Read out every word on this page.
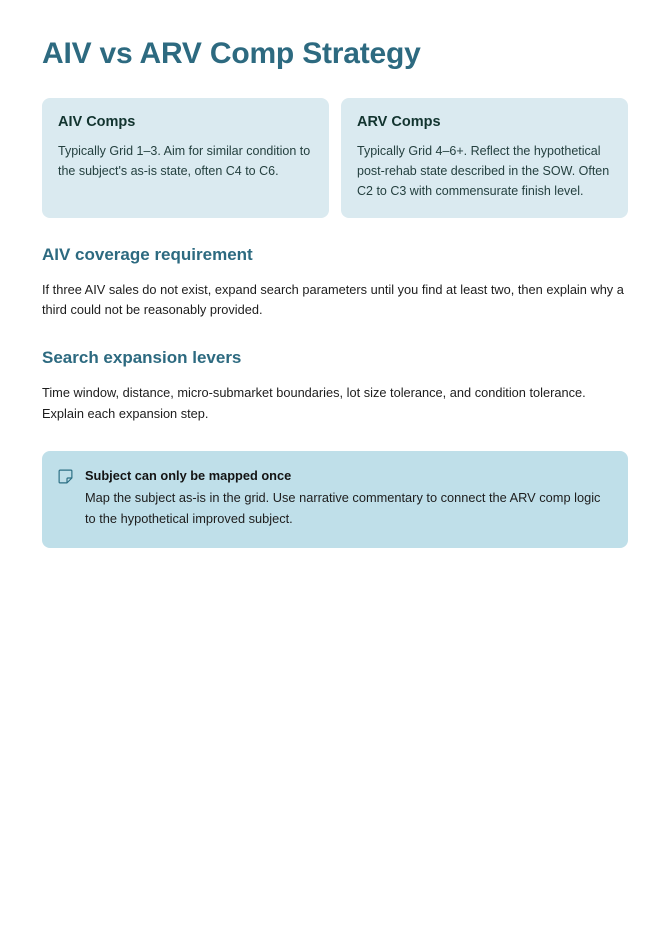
AIV vs ARV Comp Strategy
AIV Comps

Typically Grid 1–3. Aim for similar condition to the subject's as-is state, often C4 to C6.

ARV Comps

Typically Grid 4–6+. Reflect the hypothetical post-rehab state described in the SOW. Often C2 to C3 with commensurate finish level.

AIV coverage requirement

If three AIV sales do not exist, expand search parameters until you find at least two, then explain why a third could not be reasonably provided.

Search expansion levers

Time window, distance, micro-submarket boundaries, lot size tolerance, and condition tolerance. Explain each expansion step.

Subject can only be mapped once

Map the subject as-is in the grid. Use narrative commentary to connect the ARV comp logic to the hypothetical improved subject.
